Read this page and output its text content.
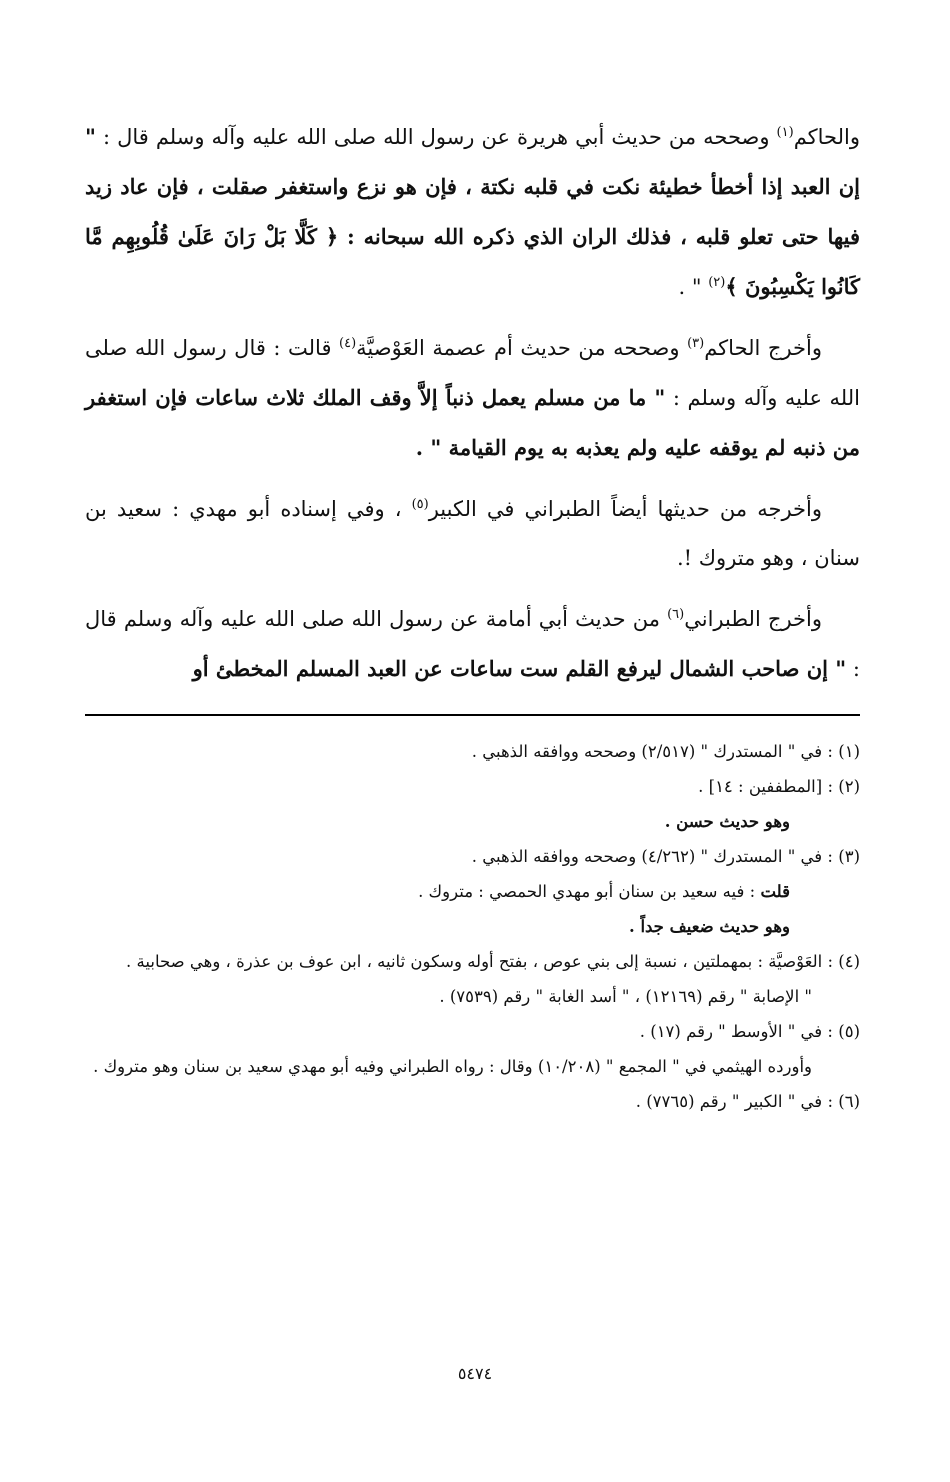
والحاكم$^{(١)}$ وصححه من حديث أبي هريرة عن رسول الله صلى الله عليه وآله وسلم قال : " إن العبد إذا أخطأ خطيئة نكت في قلبه نكتة ، فإن هو نزع واستغفر صقلت ، فإن عاد زيد فيها حتى تعلو قلبه ، فذلك الران الذي ذكره الله سبحانه : ﴿ كَلَّا بَلْ رَانَ عَلَىٰ قُلُوبِهِم مَّا كَانُوا يَكْسِبُونَ ﴾$^{(٢)}$ " .

وأخرج الحاكم$^{(٣)}$ وصححه من حديث أم عصمة العَوْصيَّة$^{(٤)}$ قالت : قال رسول الله صلى الله عليه وآله وسلم : " ما من مسلم يعمل ذنباً إلاَّ وقف الملك ثلاث ساعات فإن استغفر من ذنبه لم يوقفه عليه ولم يعذبه به يوم القيامة " .

وأخرجه من حديثها أيضاً الطبراني في الكبير$^{(٥)}$ ، وفي إسناده أبو مهدي : سعيد بن سنان ، وهو متروك !.

وأخرج الطبراني$^{(٦)}$ من حديث أبي أمامة عن رسول الله صلى الله عليه وآله وسلم قال : " إن صاحب الشمال ليرفع القلم ست ساعات عن العبد المسلم المخطئ أو

(١) : في " المستدرك " (٢/٥١٧) وصححه ووافقه الذهبي .
(٢) : [المطففين : ١٤] .
وهو حديث حسن .
(٣) : في " المستدرك " (٤/٢٦٢) وصححه ووافقه الذهبي .
قلت : فيه سعيد بن سنان أبو مهدي الحمصي : متروك .
وهو حديث ضعيف جداً .
(٤) : العَوْصيَّة : بمهملتين ، نسبة إلى بني عوص ، بفتح أوله وسكون ثانيه ، ابن عوف بن عذرة ، وهي صحابية .
" الإصابة " رقم (١٢١٦٩) ، " أسد الغابة " رقم (٧٥٣٩) .
(٥) : في " الأوسط " رقم (١٧) .
وأورده الهيثمي في " المجمع " (١٠/٢٠٨) وقال : رواه الطبراني وفيه أبو مهدي سعيد بن سنان وهو متروك .
(٦) : في " الكبير " رقم (٧٧٦٥) .
٥٤٧٤
